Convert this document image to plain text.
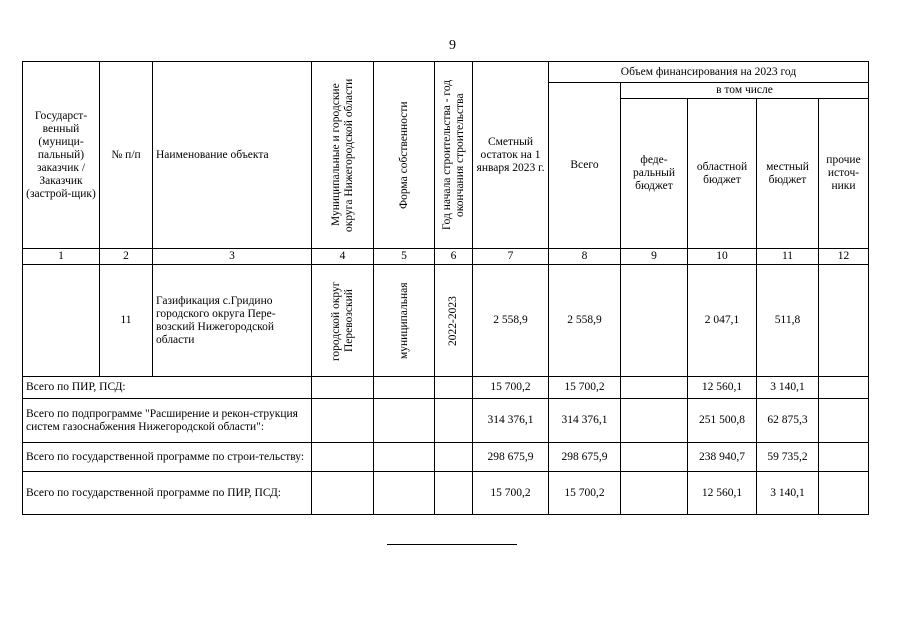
9
Государст-венный (муници-пальный) заказчик / Заказчик (застрой-щик)	№ п/п	Наименование объекта	Муниципальные и городские округа Нижегородской области	Форма собственности	Год начала строительства - год окончания строительства	Сметный остаток на 1 января 2023 г.	Объем финансирования на 2023 год				
							Всего	в том числе			
								феде-ральный бюджет	областной бюджет	местный бюджет	прочие источ-ники
1	2	3	4	5	6	7	8	9	10	11	12
	11	Газификация с.Гридино городского округа Пере-возский Нижегородской области	городской округ Перевозский	муниципальная	2022-2023	2 558,9	2 558,9		2 047,1	511,8	
Всего по ПИР, ПСД:						15 700,2	15 700,2		12 560,1	3 140,1	
Всего по подпрограмме "Расширение и рекон-струкция систем газоснабжения Нижегородской области":						314 376,1	314 376,1		251 500,8	62 875,3	
Всего по государственной программе по строи-тельству:						298 675,9	298 675,9		238 940,7	59 735,2	
Всего по государственной программе по ПИР, ПСД:						15 700,2	15 700,2		12 560,1	3 140,1	
